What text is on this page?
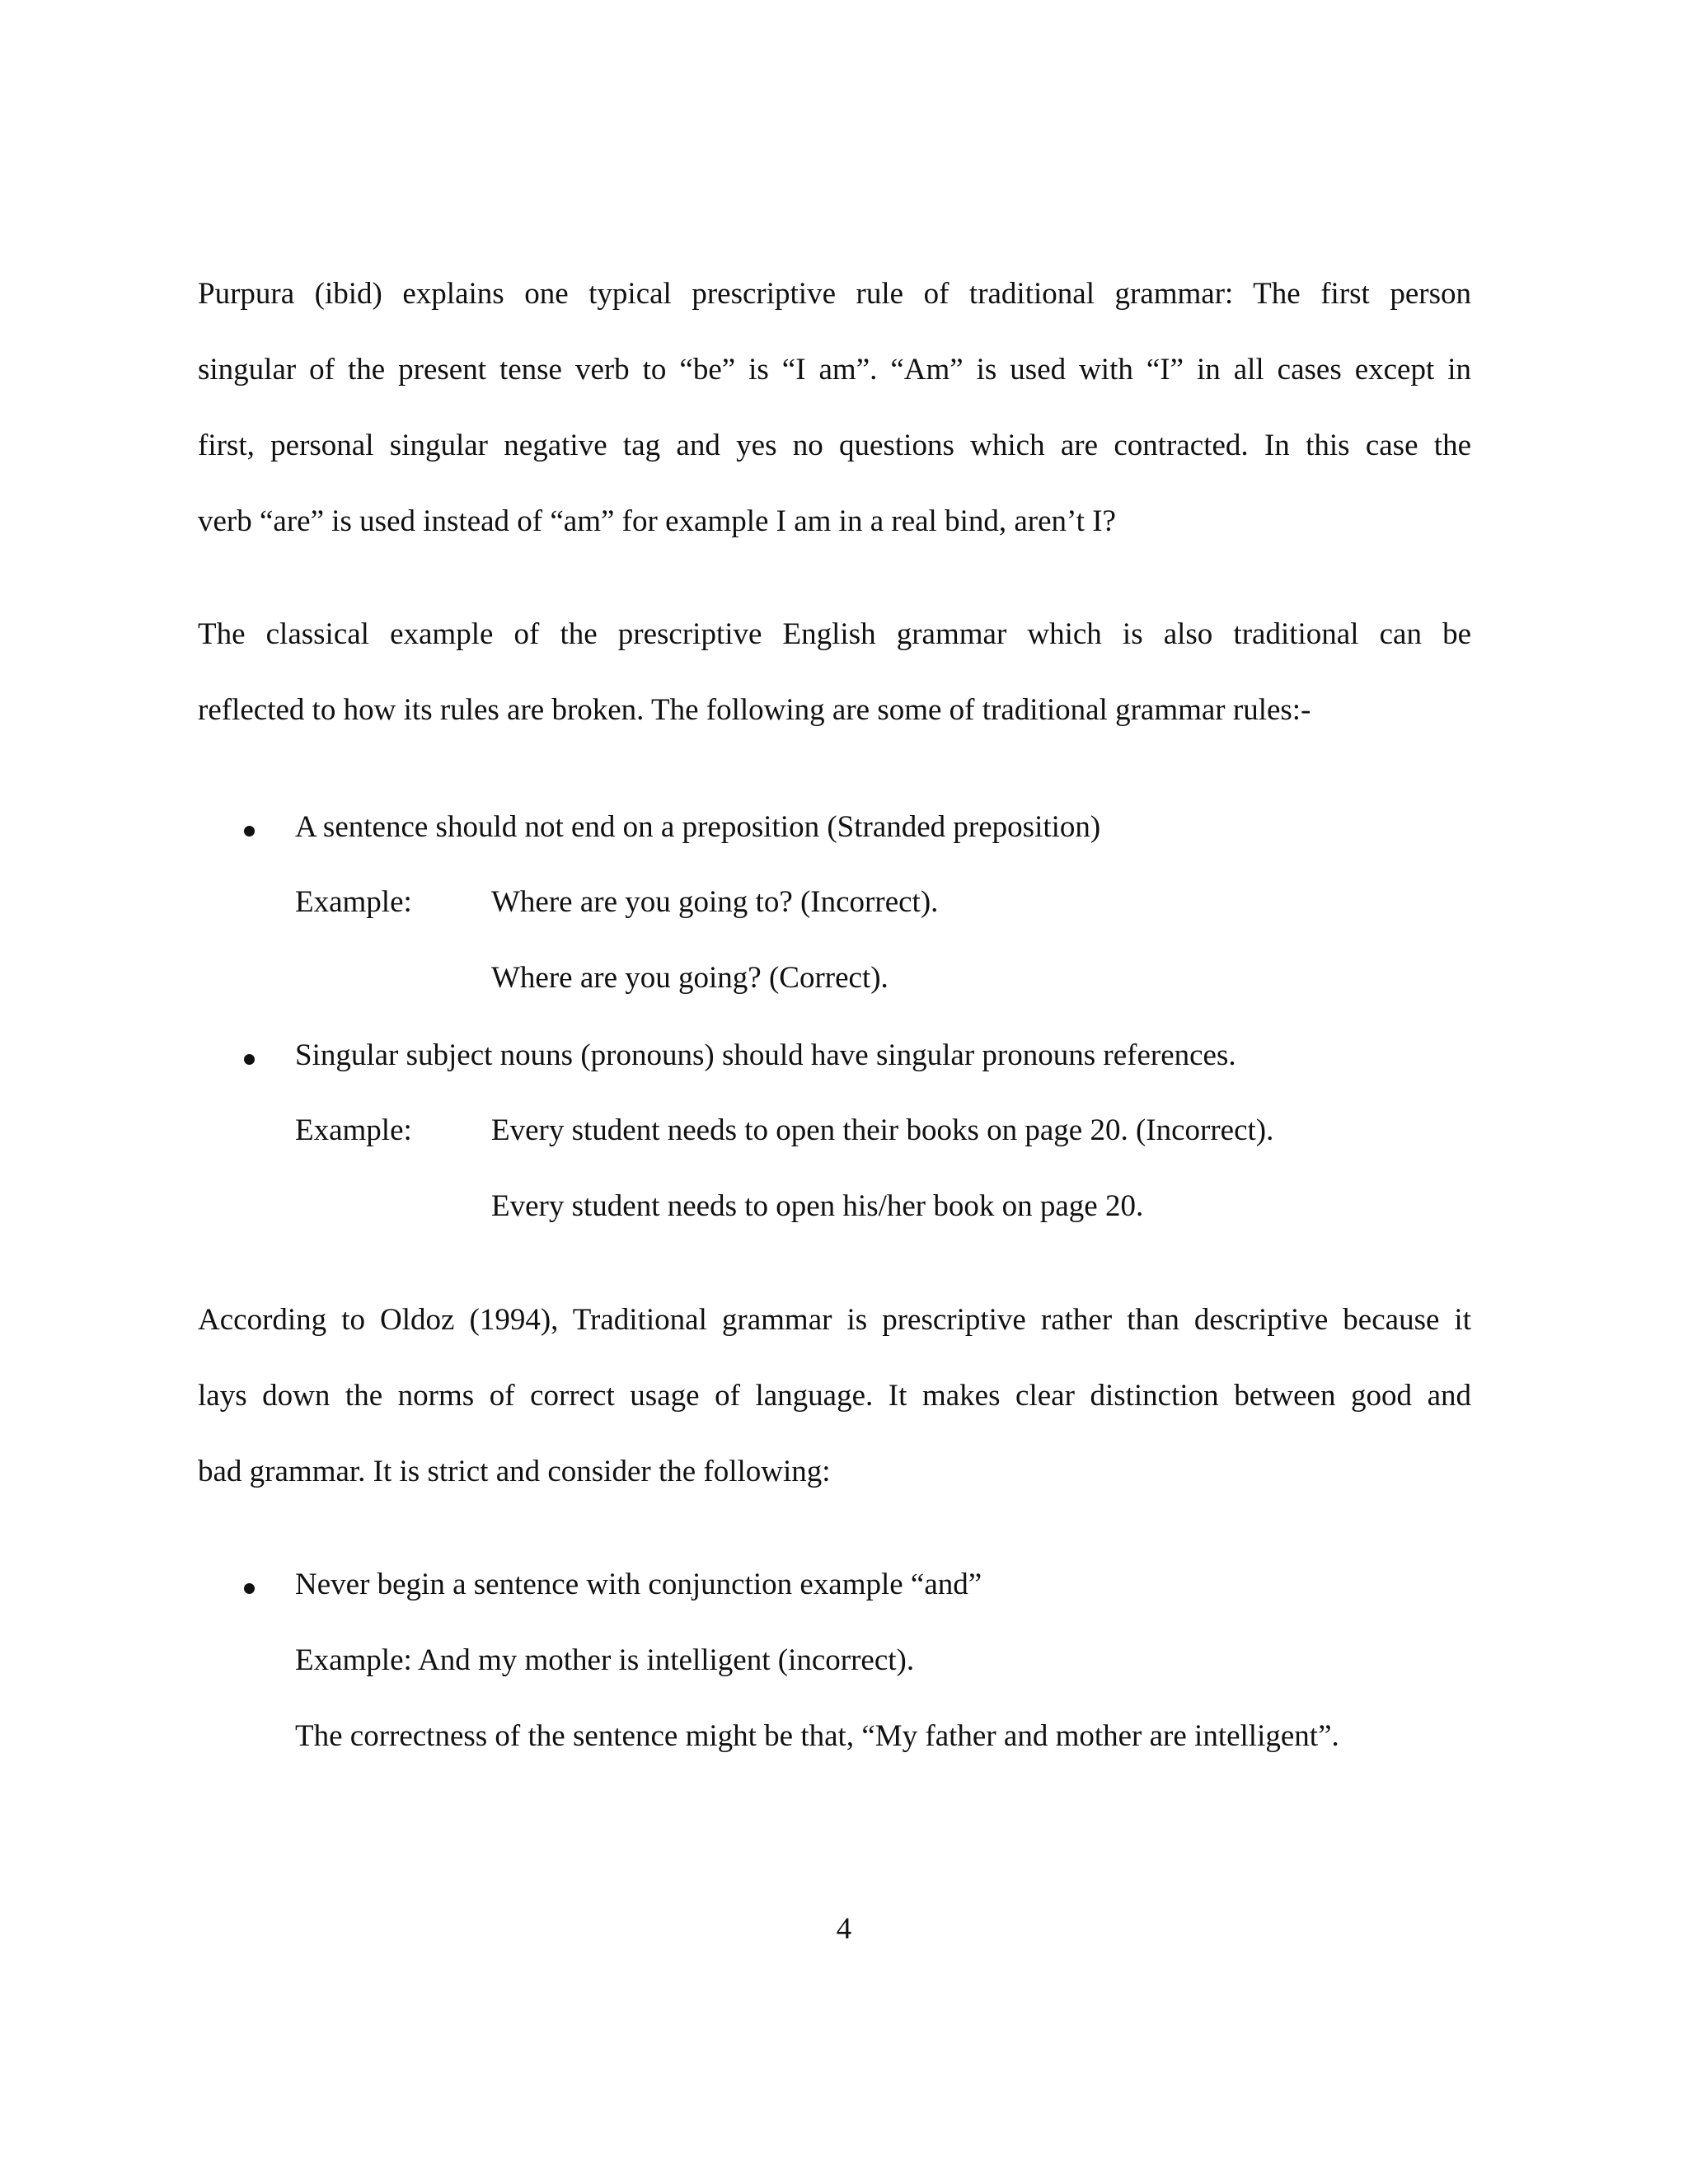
Purpura (ibid) explains one typical prescriptive rule of traditional grammar: The first person
singular of the present tense verb to “be” is “I am”. “Am” is used with “I” in all cases except in
first, personal singular negative tag and yes no questions which are contracted. In this case the
verb “are” is used instead of “am” for example I am in a real bind, aren’t I?
The classical example of the prescriptive English grammar which is also traditional can be
reflected to how its rules are broken. The following are some of traditional grammar rules:-
A sentence should not end on a preposition (Stranded preposition)
Example:	Where are you going to? (Incorrect).
Where are you going? (Correct).
Singular subject nouns (pronouns) should have singular pronouns references.
Example:	Every student needs to open their books on page 20. (Incorrect).
Every student needs to open his/her book on page 20.
According to Oldoz (1994), Traditional grammar is prescriptive rather than descriptive because it
lays down the norms of correct usage of language. It makes clear distinction between good and
bad grammar. It is strict and consider the following:
Never begin a sentence with conjunction example “and”
Example: And my mother is intelligent (incorrect).
The correctness of the sentence might be that, “My father and mother are intelligent”.
4
